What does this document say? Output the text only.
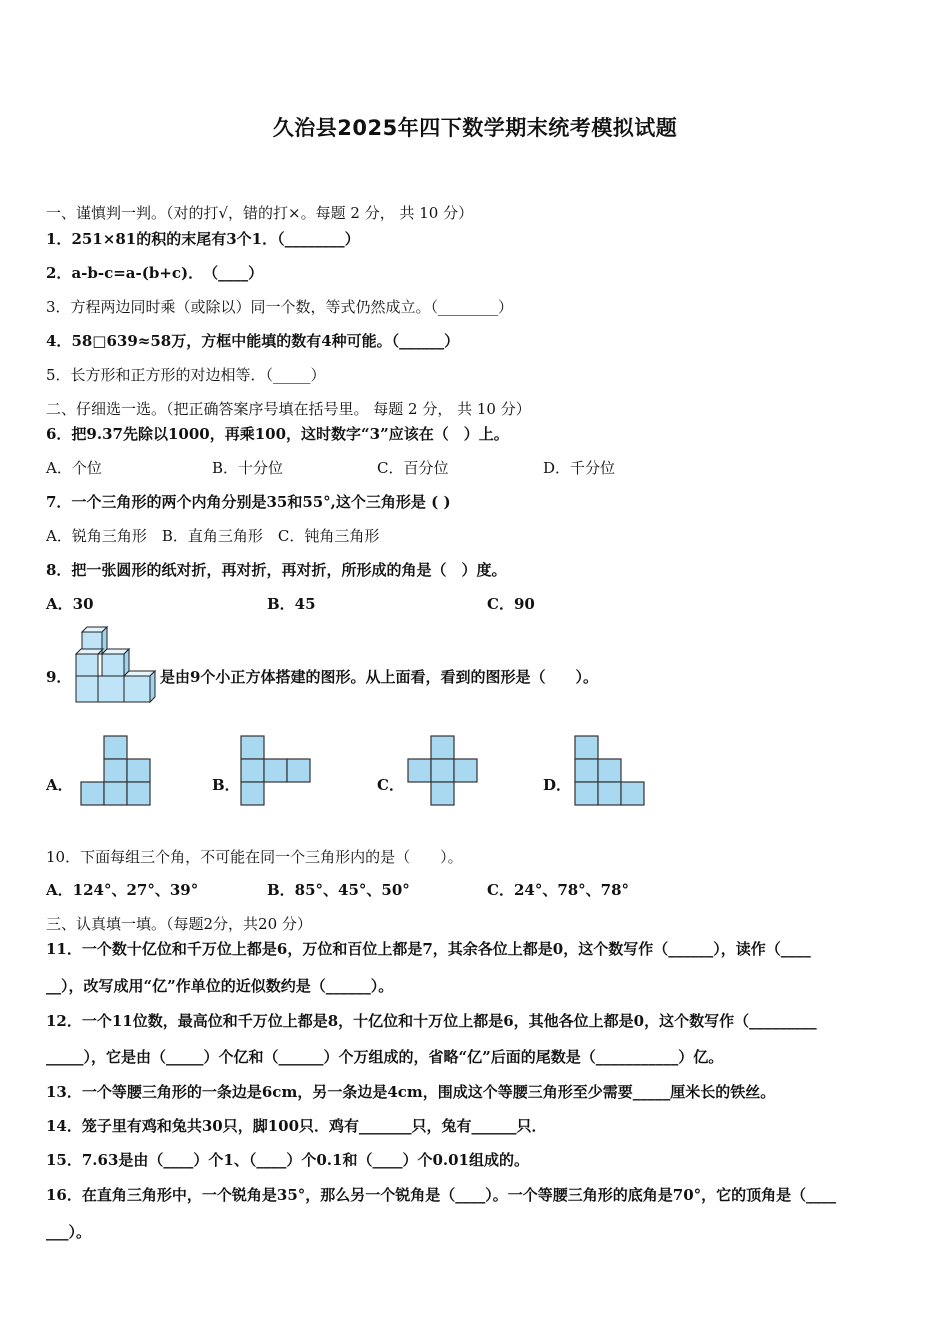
久治县2025年四下数学期末统考模拟试题
一、谨慎判一判。（对的打√，错的打×。每题 2 分， 共 10 分）
1．251×81的积的末尾有3个1．（________）
2．a-b-c=a-(b+c)．　（____）
3．方程两边同时乘（或除以）同一个数，等式仍然成立。（________）
4．58□639≈58万，方框中能填的数有4种可能。（______）
5．长方形和正方形的对边相等．（_____）
二、仔细选一选。（把正确答案序号填在括号里。 每题 2 分， 共 10 分）
6．把9.37先除以1000，再乘100，这时数字“3”应该在（　）上。
A．个位	B．十分位	C．百分位	D．千分位
7．一个三角形的两个内角分别是35和55°,这个三角形是 ( )
A．锐角三角形　B．直角三角形　C．钝角三角形
8．把一张圆形的纸对折，再对折，再对折，所形成的角是（　）度。
A．30	B．45	C．90
9．	是由9个小正方体搭建的图形。从上面看，看到的图形是（　　）。
A．	B．	C．	D．
10．下面每组三个角，不可能在同一个三角形内的是（　　）。
A．124°、27°、39°	B．85°、45°、50°	C．24°、78°、78°
三、认真填一填。（每题2分，共20 分）
11．一个数十亿位和千万位上都是6，万位和百位上都是7，其余各位上都是0，这个数写作（______），读作（____
__），改写成用“亿”作单位的近似数约是（______）。
12．一个11位数，最高位和千万位上都是8，十亿位和十万位上都是6，其他各位上都是0，这个数写作（_________
_____），它是由（_____）个亿和（______）个万组成的，省略“亿”后面的尾数是（___________）亿。
13．一个等腰三角形的一条边是6cm，另一条边是4cm，围成这个等腰三角形至少需要_____厘米长的铁丝。
14．笼子里有鸡和兔共30只，脚100只．鸡有_______只，兔有______只．
15．7.63是由（____）个1、（____）个0.1和（____）个0.01组成的。
16．在直角三角形中，一个锐角是35°，那么另一个锐角是（____）。一个等腰三角形的底角是70°，它的顶角是（____
___）。
